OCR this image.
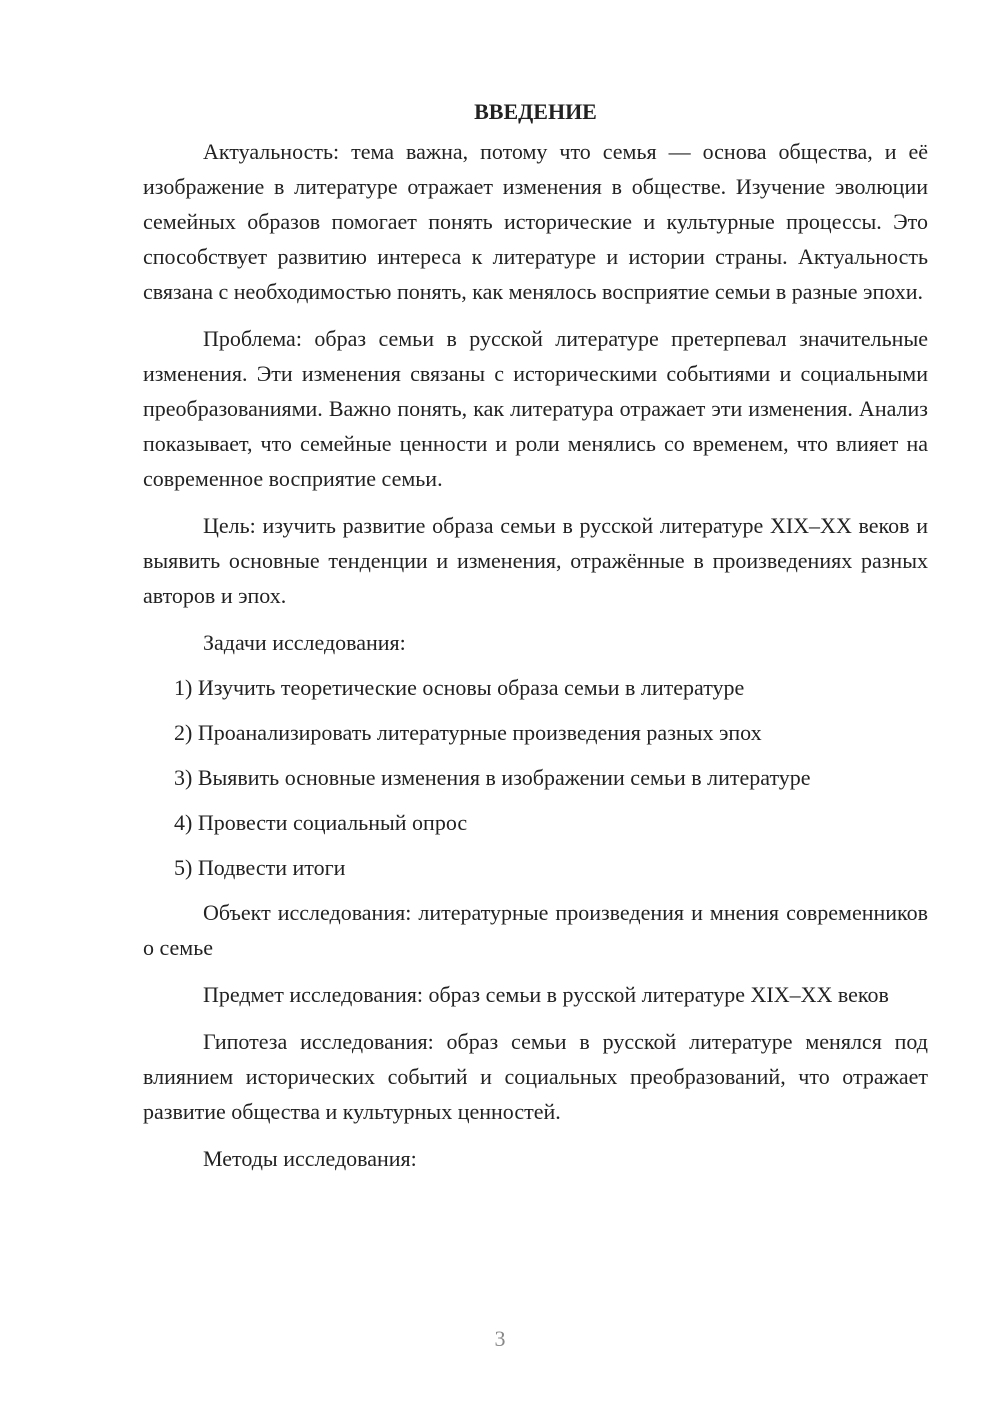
ВВЕДЕНИЕ

Актуальность: тема важна, потому что семья — основа общества, и её изображение в литературе отражает изменения в обществе. Изучение эволюции семейных образов помогает понять исторические и культурные процессы. Это способствует развитию интереса к литературе и истории страны. Актуальность связана с необходимостью понять, как менялось восприятие семьи в разные эпохи.

Проблема: образ семьи в русской литературе претерпевал значительные изменения. Эти изменения связаны с историческими событиями и социальными преобразованиями. Важно понять, как литература отражает эти изменения. Анализ показывает, что семейные ценности и роли менялись со временем, что влияет на современное восприятие семьи.

Цель: изучить развитие образа семьи в русской литературе XIX–XX веков и выявить основные тенденции и изменения, отражённые в произведениях разных авторов и эпох.

Задачи исследования:

1) Изучить теоретические основы образа семьи в литературе
2) Проанализировать литературные произведения разных эпох
3) Выявить основные изменения в изображении семьи в литературе
4) Провести социальный опрос
5) Подвести итоги

Объект исследования: литературные произведения и мнения современников о семье

Предмет исследования: образ семьи в русской литературе XIX–XX веков

Гипотеза исследования: образ семьи в русской литературе менялся под влиянием исторических событий и социальных преобразований, что отражает развитие общества и культурных ценностей.

Методы исследования:

3
